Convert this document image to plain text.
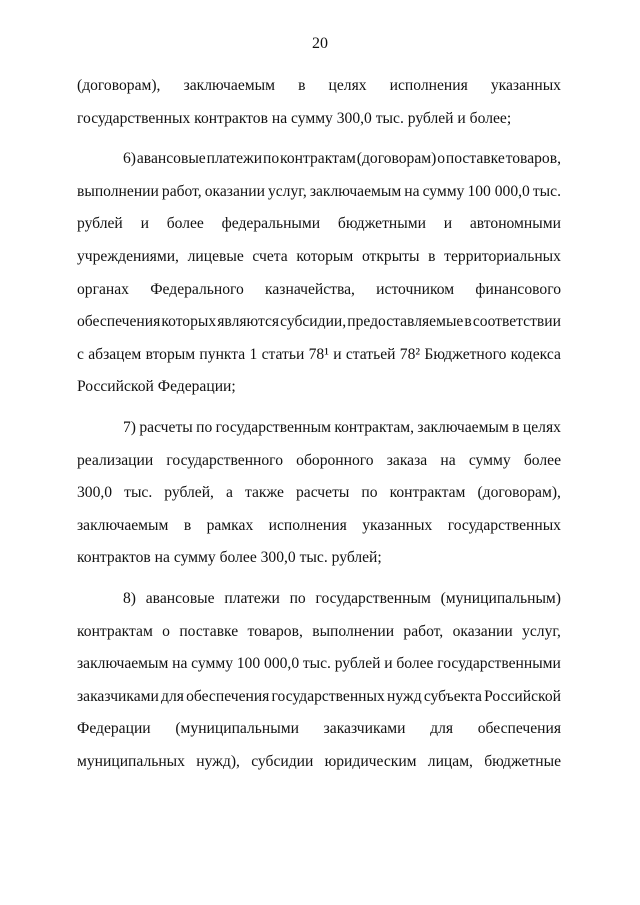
20
(договорам), заключаемым в целях исполнения указанных
государственных контрактов на сумму 300,0 тыс. рублей и более;
6) авансовые платежи по контрактам (договорам) о поставке товаров,
выполнении работ, оказании услуг, заключаемым на сумму 100 000,0 тыс.
рублей и более федеральными бюджетными и автономными
учреждениями, лицевые счета которым открыты в территориальных
органах Федерального казначейства, источником финансового
обеспечения которых являются субсидии, предоставляемые в соответствии
с абзацем вторым пункта 1 статьи 78¹ и статьей 78² Бюджетного кодекса
Российской Федерации;
7) расчеты по государственным контрактам, заключаемым в целях
реализации государственного оборонного заказа на сумму более
300,0 тыс. рублей, а также расчеты по контрактам (договорам),
заключаемым в рамках исполнения указанных государственных
контрактов на сумму более 300,0 тыс. рублей;
8) авансовые платежи по государственным (муниципальным)
контрактам о поставке товаров, выполнении работ, оказании услуг,
заключаемым на сумму 100 000,0 тыс. рублей и более государственными
заказчиками для обеспечения государственных нужд субъекта Российской
Федерации (муниципальными заказчиками для обеспечения
муниципальных нужд), субсидии юридическим лицам, бюджетные
